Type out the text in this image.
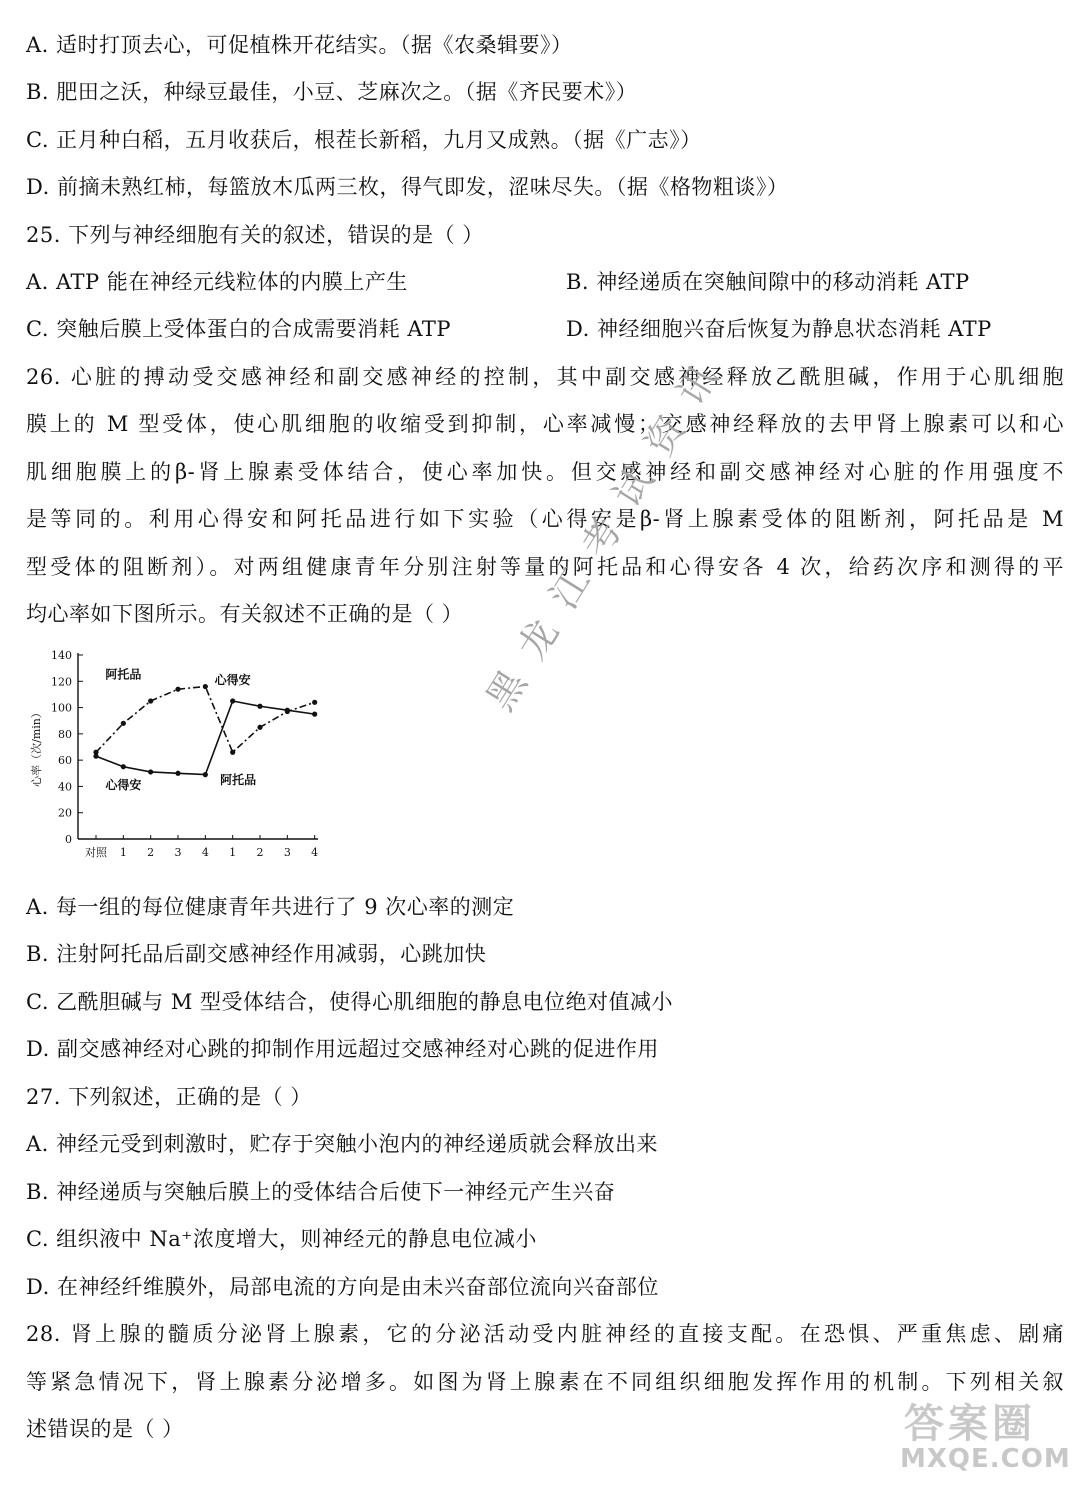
A. 适时打顶去心，可促植株开花结实。（据《农桑辑要》）
B. 肥田之沃，种绿豆最佳，小豆、芝麻次之。（据《齐民要术》）
C. 正月种白稻，五月收获后，根茬长新稻，九月又成熟。（据《广志》）
D. 前摘未熟红柿，每篮放木瓜两三枚，得气即发，涩味尽失。（据《格物粗谈》）
25. 下列与神经细胞有关的叙述，错误的是（ ）
A. ATP 能在神经元线粒体的内膜上产生	B. 神经递质在突触间隙中的移动消耗 ATP
C. 突触后膜上受体蛋白的合成需要消耗 ATP	D. 神经细胞兴奋后恢复为静息状态消耗 ATP
26. 心脏的搏动受交感神经和副交感神经的控制，其中副交感神经释放乙酰胆碱，作用于心肌细胞
膜上的 M 型受体，使心肌细胞的收缩受到抑制，心率减慢；交感神经释放的去甲肾上腺素可以和心
肌细胞膜上的β-肾上腺素受体结合，使心率加快。但交感神经和副交感神经对心脏的作用强度不
是等同的。利用心得安和阿托品进行如下实验（心得安是β-肾上腺素受体的阻断剂，阿托品是 M
型受体的阻断剂）。对两组健康青年分别注射等量的阿托品和心得安各 4 次，给药次序和测得的平
均心率如下图所示。有关叙述不正确的是（ ）
0
20
40
60
80
100
120
140
对照 1 2 3 4 1 2 3 4
心率（次/min）
阿托品	心得安
心得安	阿托品
A. 每一组的每位健康青年共进行了 9 次心率的测定
B. 注射阿托品后副交感神经作用减弱，心跳加快
C. 乙酰胆碱与 M 型受体结合，使得心肌细胞的静息电位绝对值减小
D. 副交感神经对心跳的抑制作用远超过交感神经对心跳的促进作用
27. 下列叙述，正确的是（ ）
A. 神经元受到刺激时，贮存于突触小泡内的神经递质就会释放出来
B. 神经递质与突触后膜上的受体结合后使下一神经元产生兴奋
C. 组织液中 Na⁺浓度增大，则神经元的静息电位减小
D. 在神经纤维膜外，局部电流的方向是由未兴奋部位流向兴奋部位
28. 肾上腺的髓质分泌肾上腺素，它的分泌活动受内脏神经的直接支配。在恐惧、严重焦虑、剧痛
等紧急情况下，肾上腺素分泌增多。如图为肾上腺素在不同组织细胞发挥作用的机制。下列相关叙
述错误的是（ ）
黑龙江考试资讯
答案圈
MXQE.COM
